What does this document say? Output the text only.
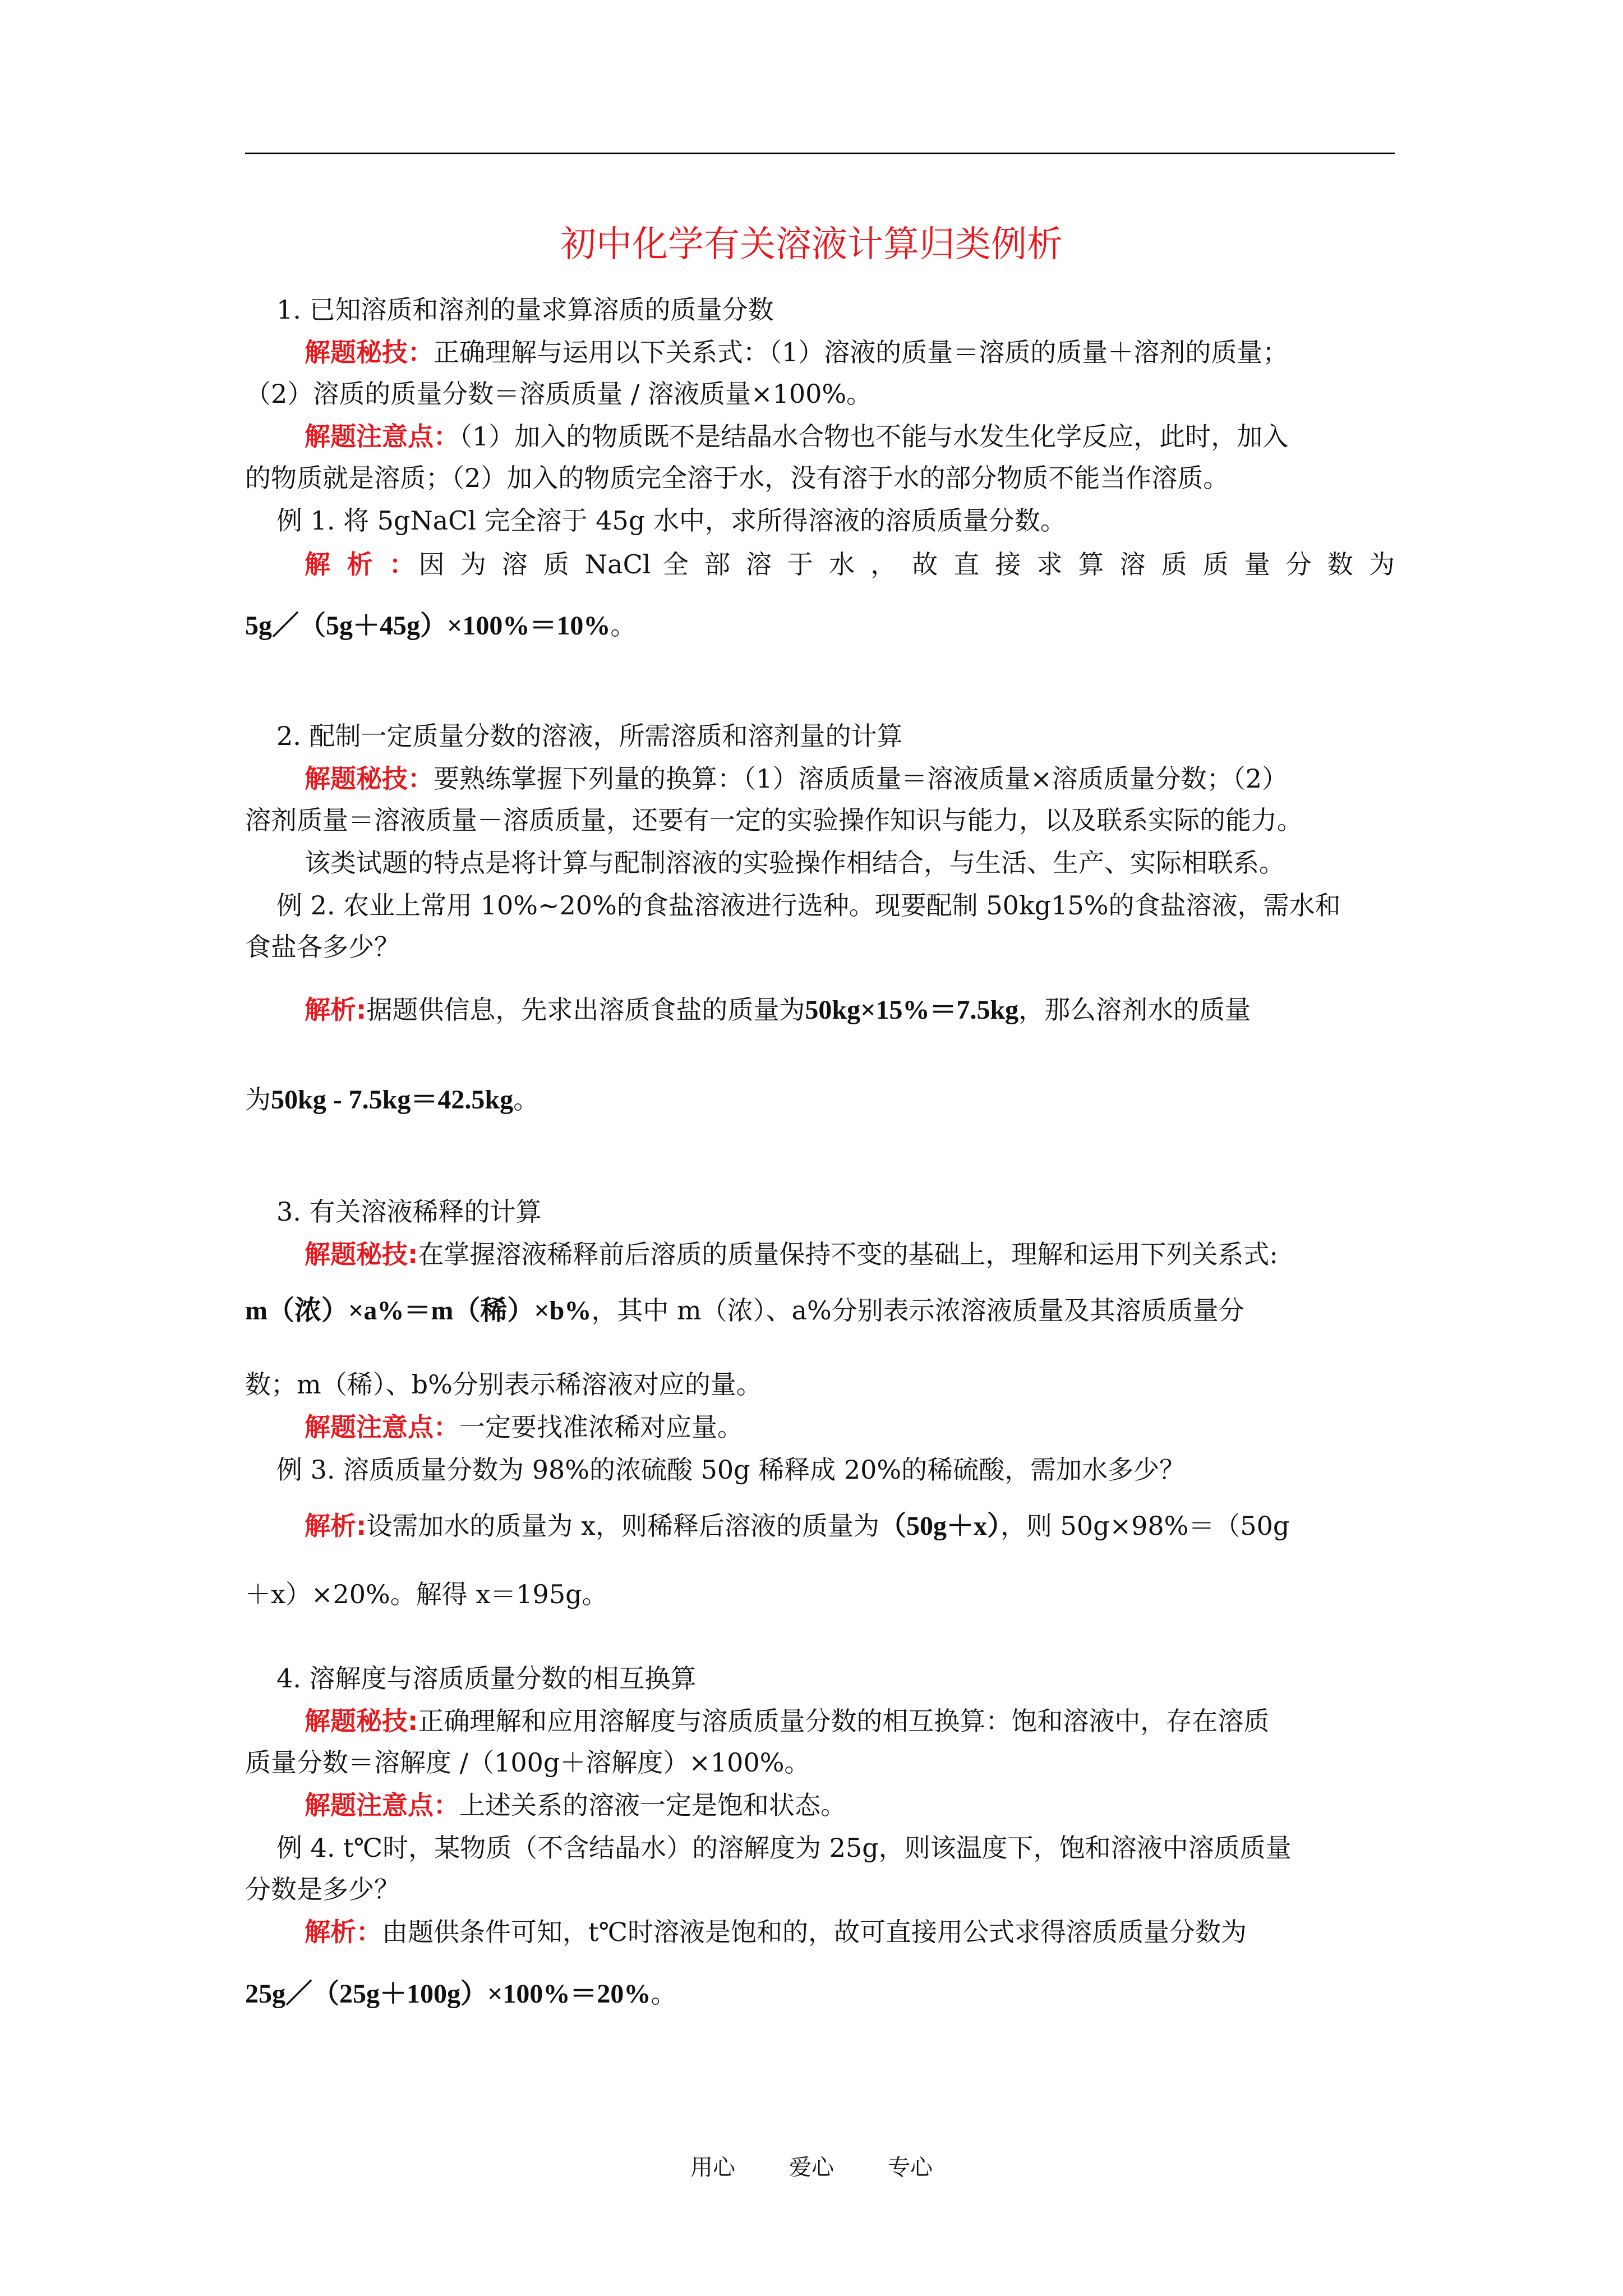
初中化学有关溶液计算归类例析
1. 已知溶质和溶剂的量求算溶质的质量分数
解题秘技：正确理解与运用以下关系式：（1）溶液的质量＝溶质的质量＋溶剂的质量；
（2）溶质的质量分数＝溶质质量 / 溶液质量×100%。
解题注意点：（1）加入的物质既不是结晶水合物也不能与水发生化学反应，此时，加入
的物质就是溶质；（2）加入的物质完全溶于水，没有溶于水的部分物质不能当作溶质。
例 1. 将 5gNaCl 完全溶于 45g 水中，求所得溶液的溶质质量分数。
解 析 ：因 为 溶 质 NaCl 全 部 溶 于 水 ， 故 直 接 求 算 溶 质 质 量 分 数 为
5g／（5g＋45g）×100%＝10%。
2. 配制一定质量分数的溶液，所需溶质和溶剂量的计算
解题秘技：要熟练掌握下列量的换算：（1）溶质质量＝溶液质量×溶质质量分数；（2）
溶剂质量＝溶液质量－溶质质量，还要有一定的实验操作知识与能力，以及联系实际的能力。
该类试题的特点是将计算与配制溶液的实验操作相结合，与生活、生产、实际相联系。
例 2. 农业上常用 10%~20%的食盐溶液进行选种。现要配制 50kg15%的食盐溶液，需水和
食盐各多少？
解析:据题供信息，先求出溶质食盐的质量为50kg×15%＝7.5kg，那么溶剂水的质量
为50kg - 7.5kg＝42.5kg。
3. 有关溶液稀释的计算
解题秘技:在掌握溶液稀释前后溶质的质量保持不变的基础上，理解和运用下列关系式:
m（浓）×a%＝m（稀）×b%，其中 m（浓）、a%分别表示浓溶液质量及其溶质质量分
数；m（稀）、b%分别表示稀溶液对应的量。
解题注意点：一定要找准浓稀对应量。
例 3. 溶质质量分数为 98%的浓硫酸 50g 稀释成 20%的稀硫酸，需加水多少？
解析:设需加水的质量为 x，则稀释后溶液的质量为（50g＋x），则 50g×98%＝（50g
＋x）×20%。解得 x＝195g。
4. 溶解度与溶质质量分数的相互换算
解题秘技:正确理解和应用溶解度与溶质质量分数的相互换算：饱和溶液中，存在溶质
质量分数＝溶解度 /（100g＋溶解度）×100%。
解题注意点：上述关系的溶液一定是饱和状态。
例 4. t℃时，某物质（不含结晶水）的溶解度为 25g，则该温度下，饱和溶液中溶质质量
分数是多少？
解析：由题供条件可知，t℃时溶液是饱和的，故可直接用公式求得溶质质量分数为
25g／（25g＋100g）×100%＝20%。
用心 爱心 专心
